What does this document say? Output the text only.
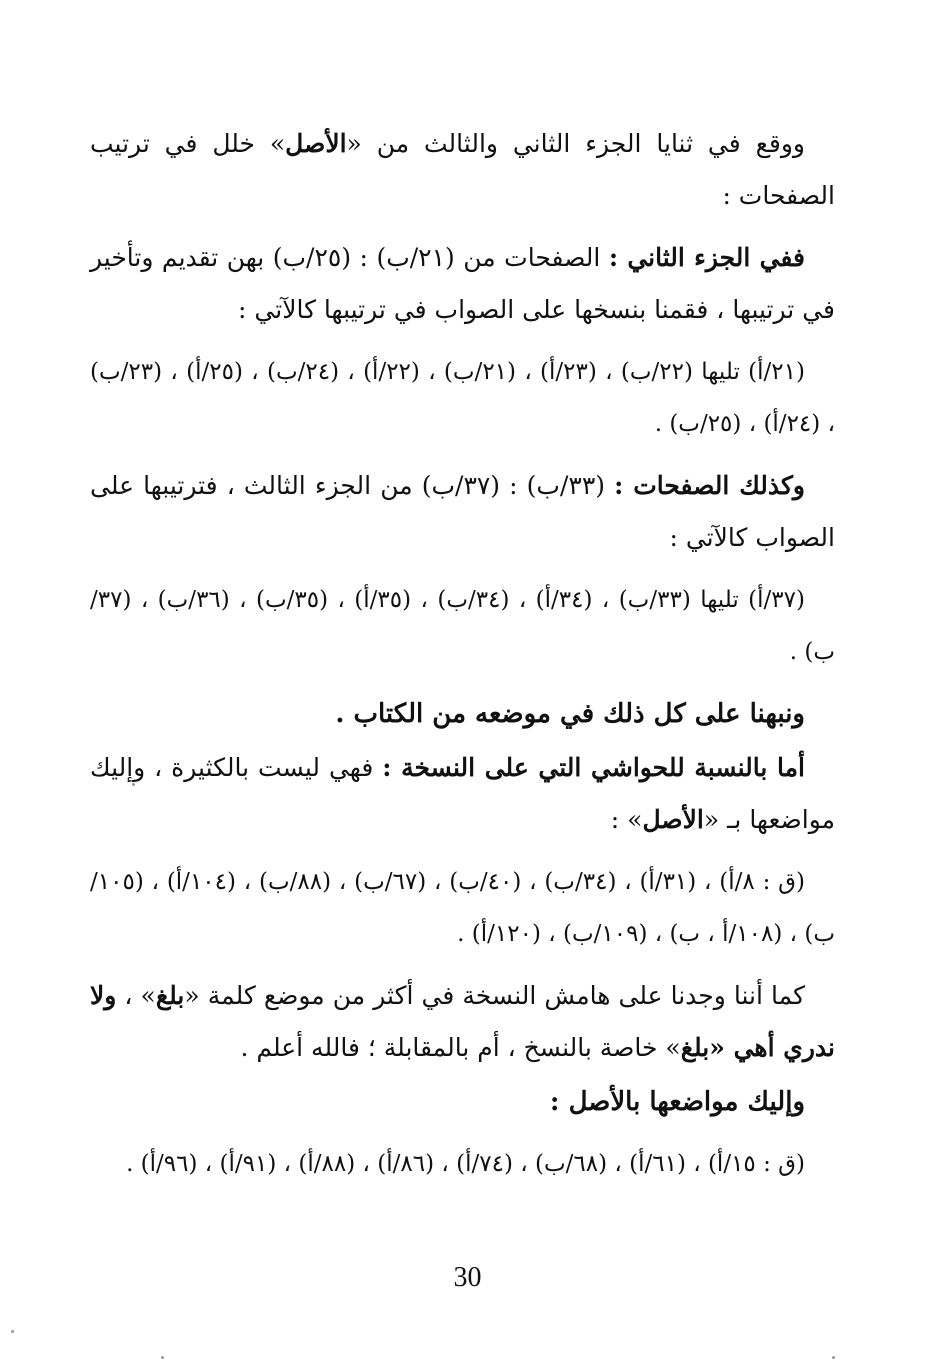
ووقع في ثنايا الجزء الثاني والثالث من «الأصل» خلل في ترتيب الصفحات :

ففي الجزء الثاني : الصفحات من (٢١/ب) : (٢٥/ب) بهن تقديم وتأخير في ترتيبها ، فقمنا بنسخها على الصواب في ترتيبها كالآتي :

(٢١/أ) تليها (٢٢/ب) ، (٢٣/أ) ، (٢١/ب) ، (٢٢/أ) ، (٢٤/ب) ، (٢٥/أ) ، (٢٣/ب) ، (٢٤/أ) ، (٢٥/ب) .

وكذلك الصفحات : (٣٣/ب) : (٣٧/ب) من الجزء الثالث ، فترتيبها على الصواب كالآتي :

(٣٧/أ) تليها (٣٣/ب) ، (٣٤/أ) ، (٣٤/ب) ، (٣٥/أ) ، (٣٥/ب) ، (٣٦/ب) ، (٣٧/ب) .

ونبهنا على كل ذلك في موضعه من الكتاب .

أما بالنسبة للحواشي التي على النسخة : فهي ليست بالكثيرة ، وإليك مواضعها بـ «الأصل» :

(ق : ٨/أ) ، (٣١/أ) ، (٣٤/ب) ، (٤٠/ب) ، (٦٧/ب) ، (٨٨/ب) ، (١٠٤/أ) ، (١٠٥/ب) ، (١٠٨/أ ، ب) ، (١٠٩/ب) ، (١٢٠/أ) .

كما أننا وجدنا على هامش النسخة في أكثر من موضع كلمة «بلغ» ، ولا ندري أهي «بلغ» خاصة بالنسخ ، أم بالمقابلة ؛ فالله أعلم .

وإليك مواضعها بالأصل :

(ق : ١٥/أ) ، (٦١/أ) ، (٦٨/ب) ، (٧٤/أ) ، (٨٦/أ) ، (٨٨/أ) ، (٩١/أ) ، (٩٦/أ) .

30
